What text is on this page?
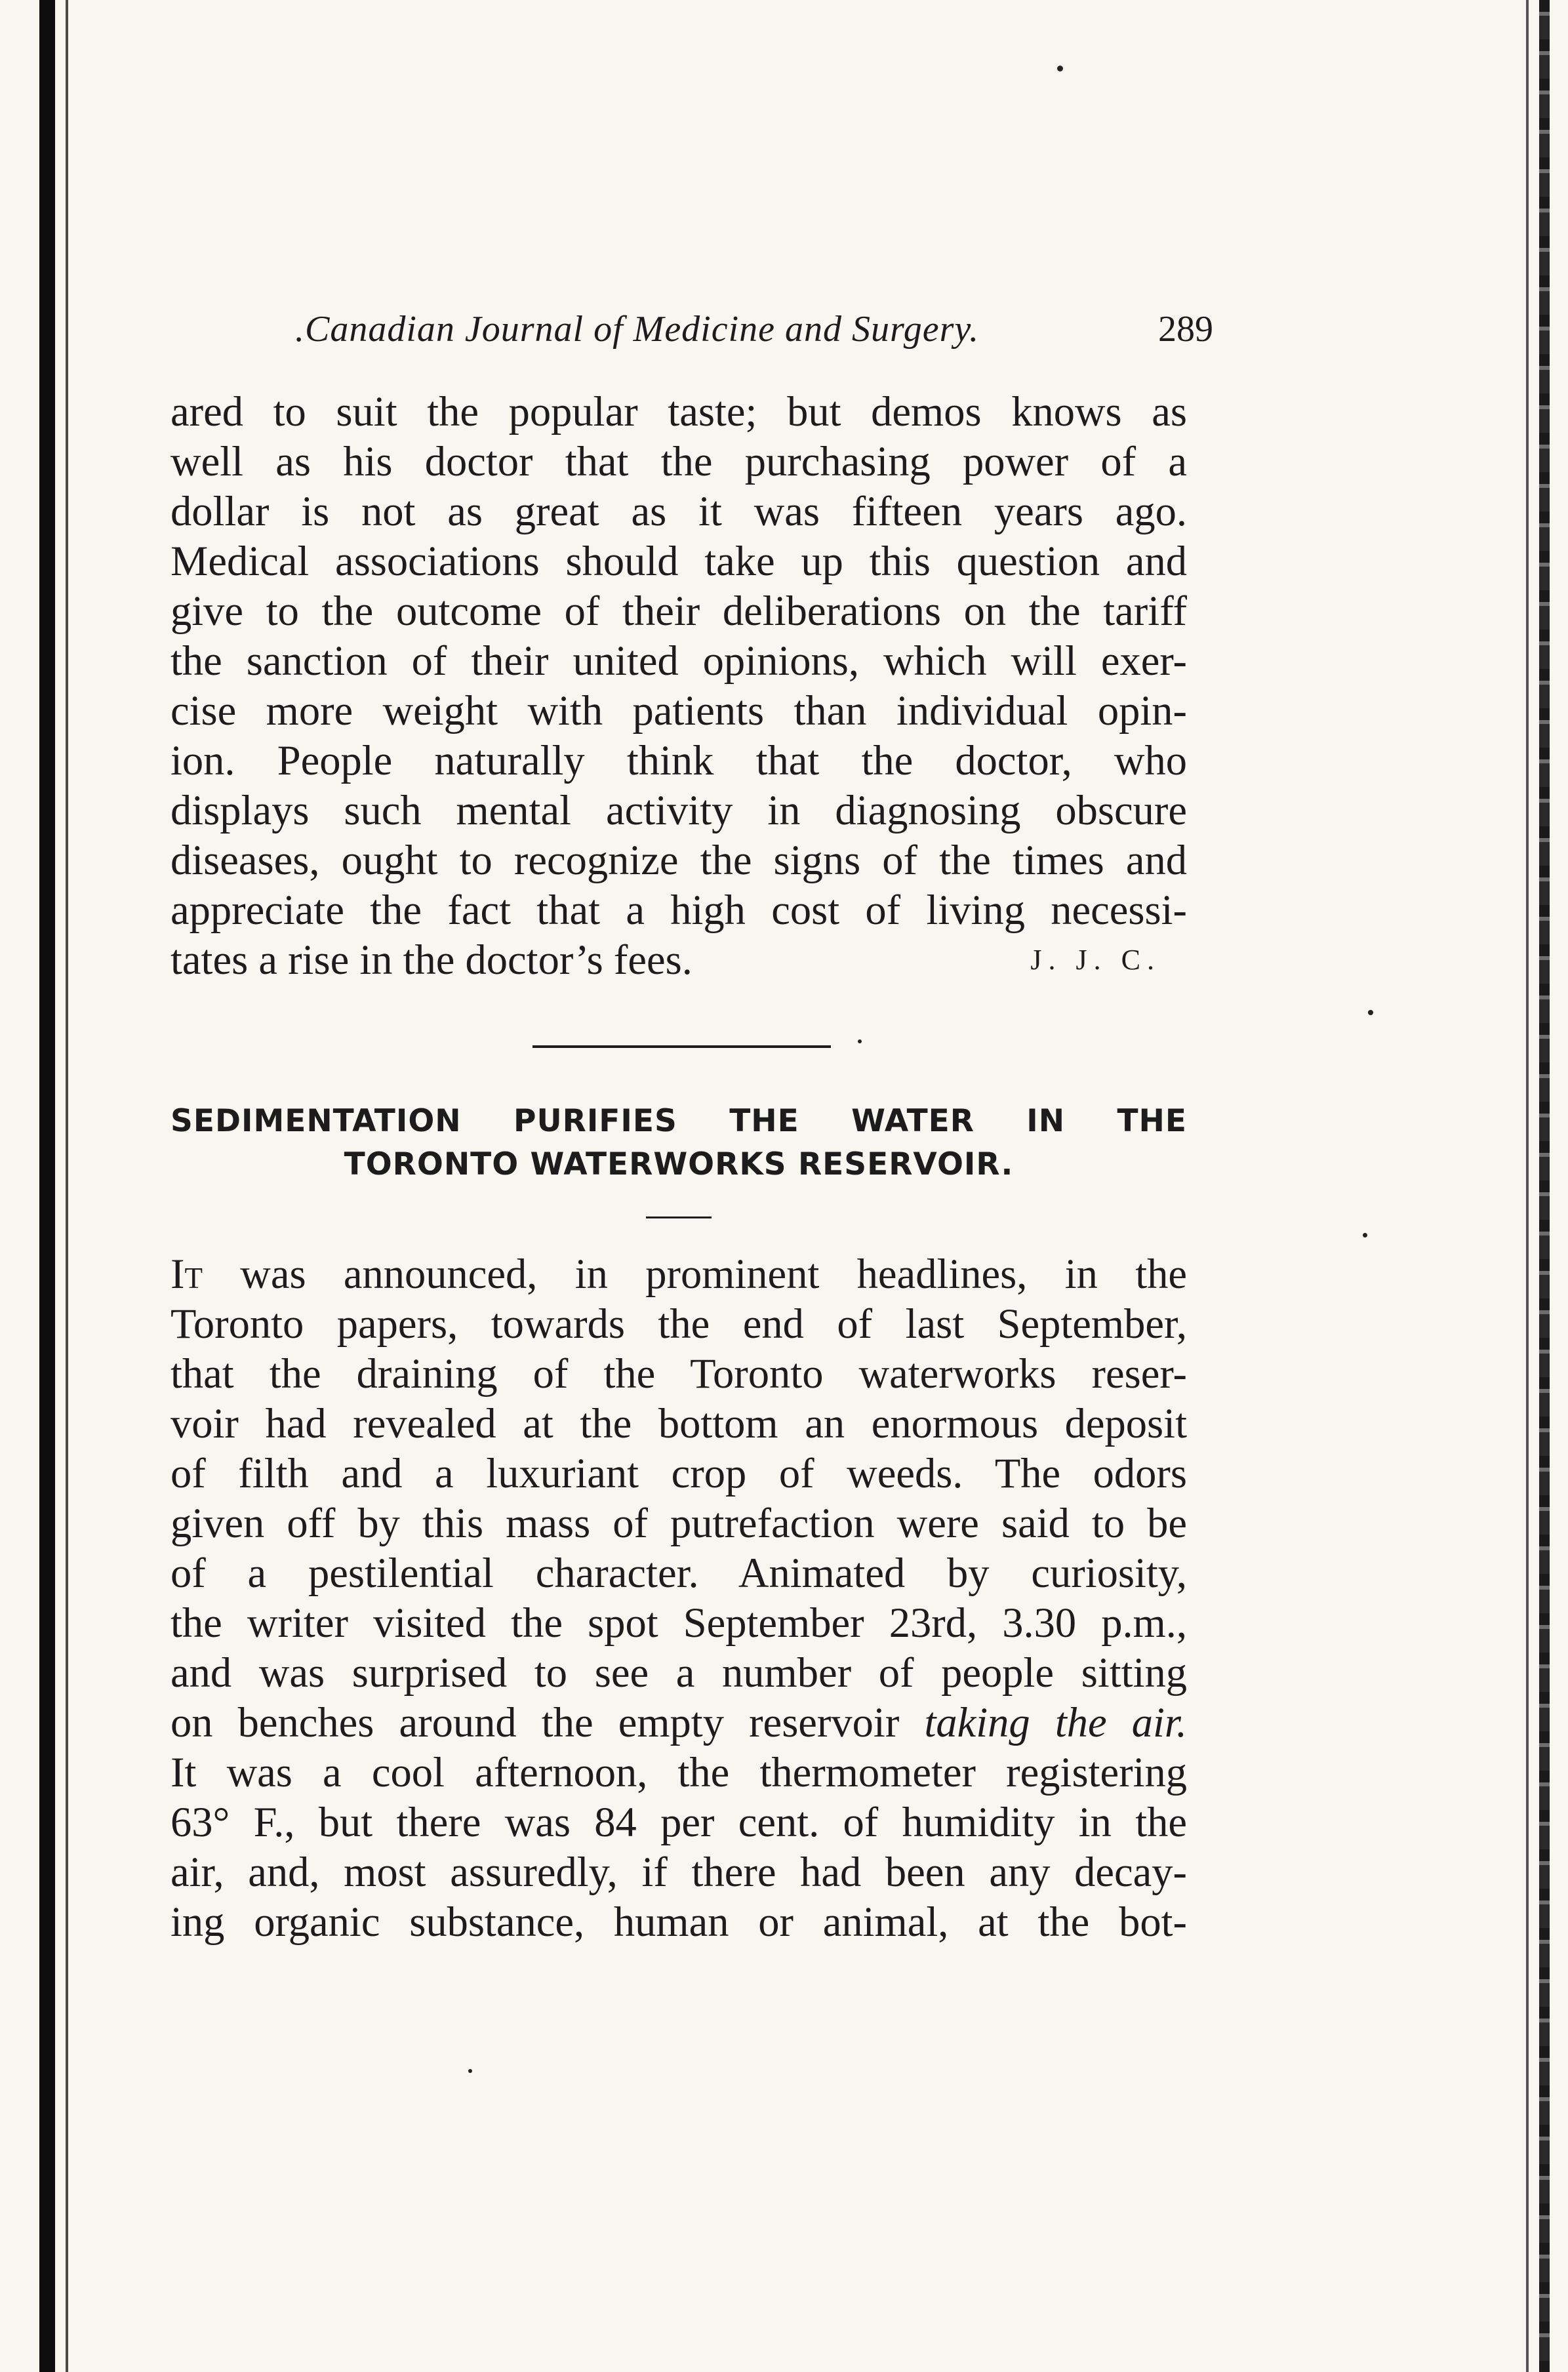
.Canadian Journal of Medicine and Surgery.	289
ared to suit the popular taste; but demos knows as
well as his doctor that the purchasing power of a
dollar is not as great as it was fifteen years ago.
Medical associations should take up this question and
give to the outcome of their deliberations on the tariff
the sanction of their united opinions, which will exer-
cise more weight with patients than individual opin-
ion. People naturally think that the doctor, who
displays such mental activity in diagnosing obscure
diseases, ought to recognize the signs of the times and
appreciate the fact that a high cost of living necessi-
tates a rise in the doctor’s fees.	J. J. C.
SEDIMENTATION PURIFIES THE WATER IN THE
TORONTO WATERWORKS RESERVOIR.
It was announced, in prominent headlines, in the
Toronto papers, towards the end of last September,
that the draining of the Toronto waterworks reser-
voir had revealed at the bottom an enormous deposit
of filth and a luxuriant crop of weeds. The odors
given off by this mass of putrefaction were said to be
of a pestilential character. Animated by curiosity,
the writer visited the spot September 23rd, 3.30 p.m.,
and was surprised to see a number of people sitting
on benches around the empty reservoir taking the air.
It was a cool afternoon, the thermometer registering
63° F., but there was 84 per cent. of humidity in the
air, and, most assuredly, if there had been any decay-
ing organic substance, human or animal, at the bot-
